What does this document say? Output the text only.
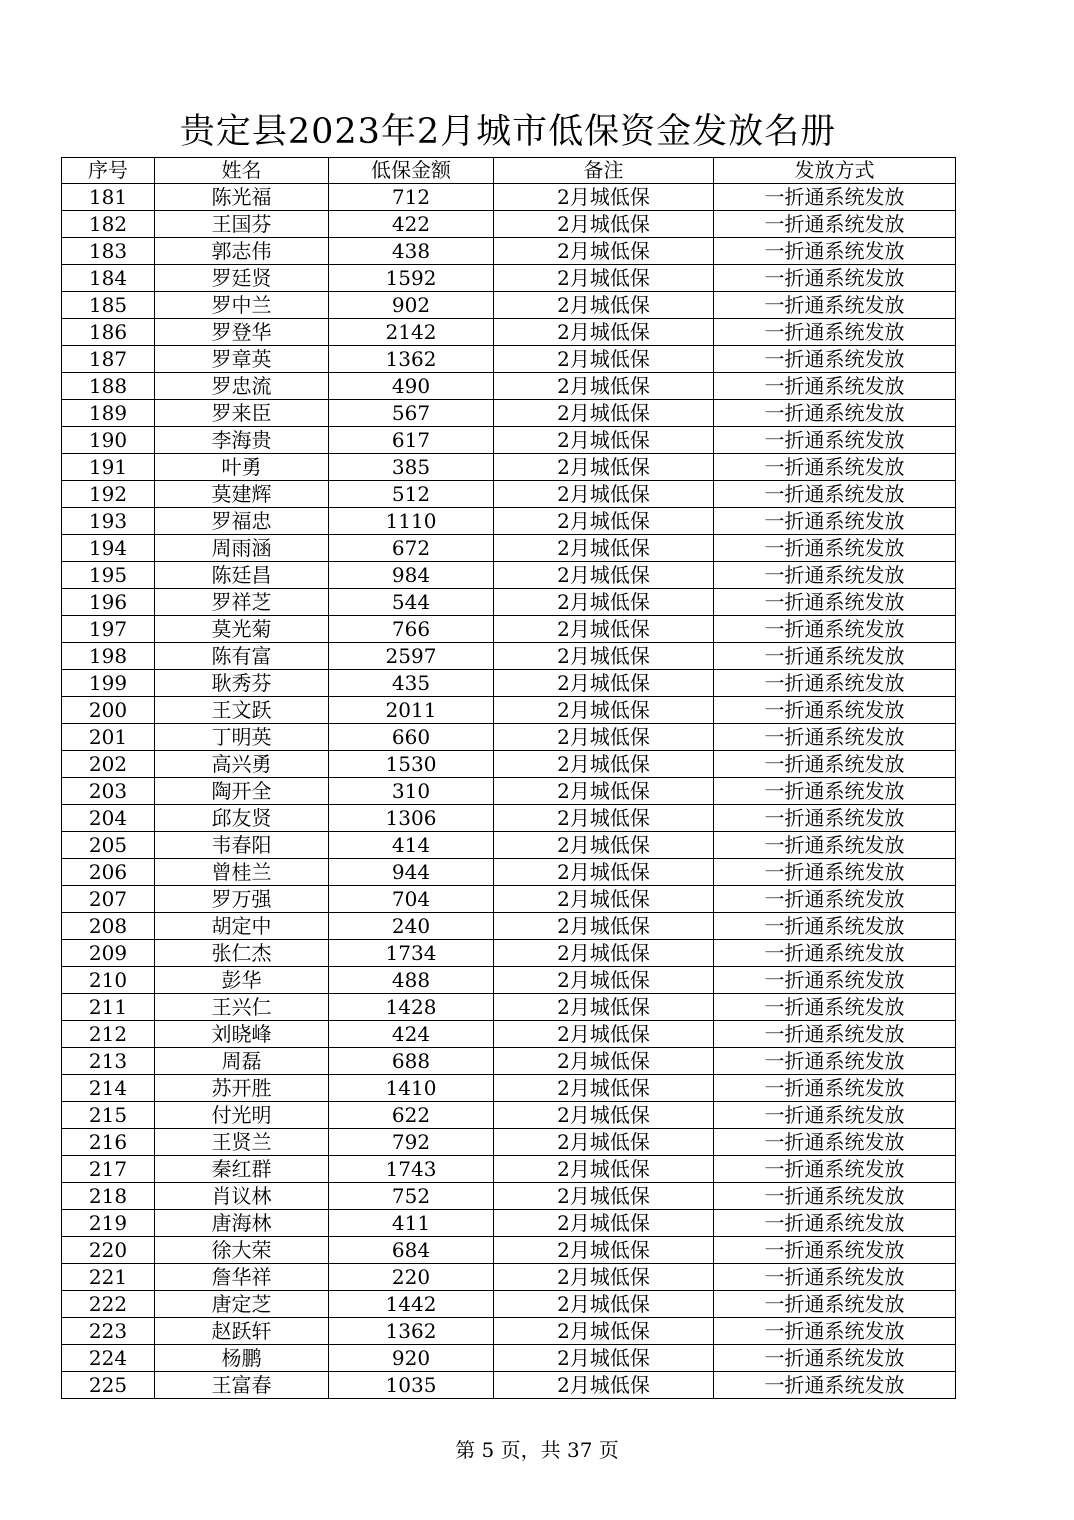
贵定县2023年2月城市低保资金发放名册
序号	姓名	低保金额	备注	发放方式
181	陈光福	712	2月城低保	一折通系统发放
182	王国芬	422	2月城低保	一折通系统发放
183	郭志伟	438	2月城低保	一折通系统发放
184	罗廷贤	1592	2月城低保	一折通系统发放
185	罗中兰	902	2月城低保	一折通系统发放
186	罗登华	2142	2月城低保	一折通系统发放
187	罗章英	1362	2月城低保	一折通系统发放
188	罗忠流	490	2月城低保	一折通系统发放
189	罗来臣	567	2月城低保	一折通系统发放
190	李海贵	617	2月城低保	一折通系统发放
191	叶勇	385	2月城低保	一折通系统发放
192	莫建辉	512	2月城低保	一折通系统发放
193	罗福忠	1110	2月城低保	一折通系统发放
194	周雨涵	672	2月城低保	一折通系统发放
195	陈廷昌	984	2月城低保	一折通系统发放
196	罗祥芝	544	2月城低保	一折通系统发放
197	莫光菊	766	2月城低保	一折通系统发放
198	陈有富	2597	2月城低保	一折通系统发放
199	耿秀芬	435	2月城低保	一折通系统发放
200	王文跃	2011	2月城低保	一折通系统发放
201	丁明英	660	2月城低保	一折通系统发放
202	高兴勇	1530	2月城低保	一折通系统发放
203	陶开全	310	2月城低保	一折通系统发放
204	邱友贤	1306	2月城低保	一折通系统发放
205	韦春阳	414	2月城低保	一折通系统发放
206	曾桂兰	944	2月城低保	一折通系统发放
207	罗万强	704	2月城低保	一折通系统发放
208	胡定中	240	2月城低保	一折通系统发放
209	张仁杰	1734	2月城低保	一折通系统发放
210	彭华	488	2月城低保	一折通系统发放
211	王兴仁	1428	2月城低保	一折通系统发放
212	刘晓峰	424	2月城低保	一折通系统发放
213	周磊	688	2月城低保	一折通系统发放
214	苏开胜	1410	2月城低保	一折通系统发放
215	付光明	622	2月城低保	一折通系统发放
216	王贤兰	792	2月城低保	一折通系统发放
217	秦红群	1743	2月城低保	一折通系统发放
218	肖议林	752	2月城低保	一折通系统发放
219	唐海林	411	2月城低保	一折通系统发放
220	徐大荣	684	2月城低保	一折通系统发放
221	詹华祥	220	2月城低保	一折通系统发放
222	唐定芝	1442	2月城低保	一折通系统发放
223	赵跃轩	1362	2月城低保	一折通系统发放
224	杨鹏	920	2月城低保	一折通系统发放
225	王富春	1035	2月城低保	一折通系统发放
第 5 页，共 37 页
